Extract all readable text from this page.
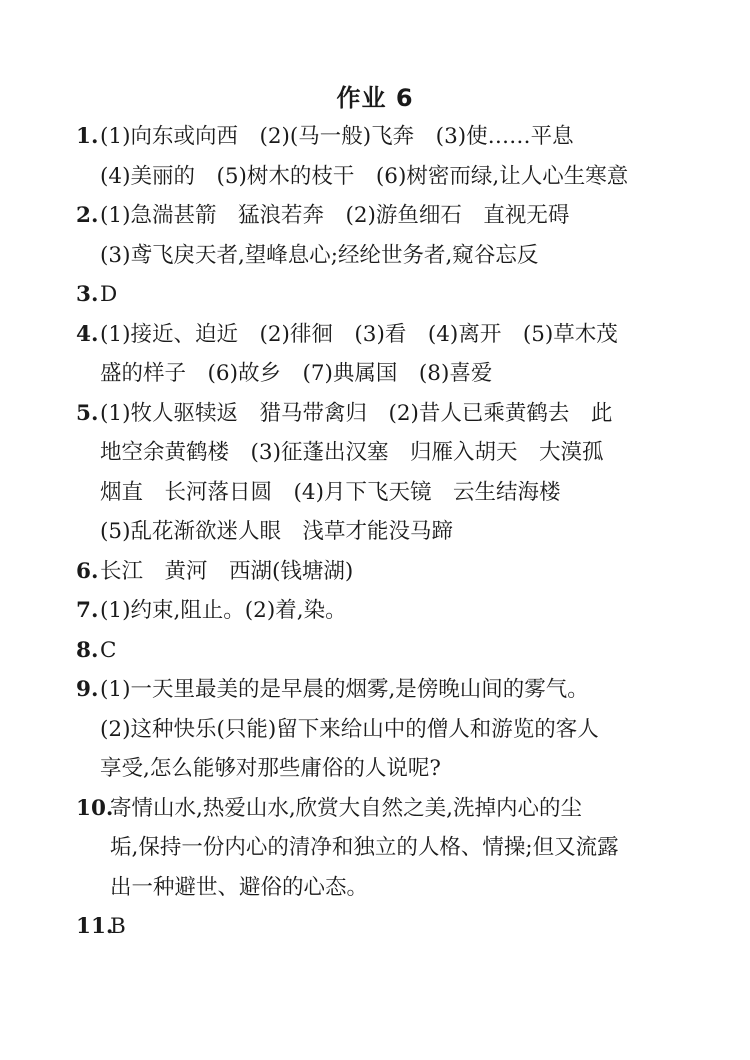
作业 6
1. (1)向东或向西　(2)(马一般)飞奔　(3)使……平息
(4)美丽的　(5)树木的枝干　(6)树密而绿,让人心生寒意
2. (1)急湍甚箭　猛浪若奔　(2)游鱼细石　直视无碍
(3)鸢飞戾天者,望峰息心;经纶世务者,窥谷忘反
3. D
4. (1)接近、迫近　(2)徘徊　(3)看　(4)离开　(5)草木茂
盛的样子　(6)故乡　(7)典属国　(8)喜爱
5. (1)牧人驱犊返　猎马带禽归　(2)昔人已乘黄鹤去　此
地空余黄鹤楼　(3)征蓬出汉塞　归雁入胡天　大漠孤
烟直　长河落日圆　(4)月下飞天镜　云生结海楼
(5)乱花渐欲迷人眼　浅草才能没马蹄
6. 长江　黄河　西湖(钱塘湖)
7. (1)约束,阻止。(2)着,染。
8. C
9. (1)一天里最美的是早晨的烟雾,是傍晚山间的雾气。
(2)这种快乐(只能)留下来给山中的僧人和游览的客人
享受,怎么能够对那些庸俗的人说呢?
10.
寄情山水,热爱山水,欣赏大自然之美,洗掉内心的尘
垢,保持一份内心的清净和独立的人格、情操;但又流露
出一种避世、避俗的心态。
11.
B
